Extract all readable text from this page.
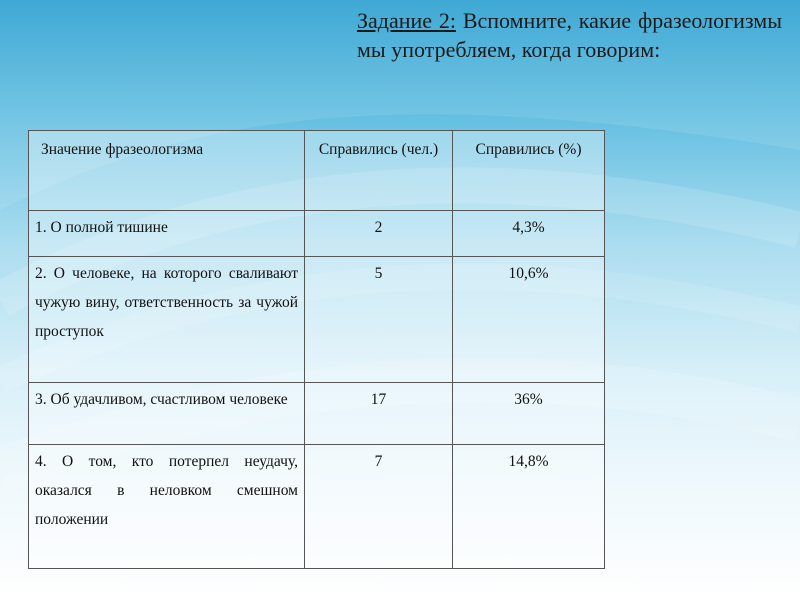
Задание 2: Вспомните, какие фразеологизмы мы употребляем, когда говорим:
Значение фразеологизма	Справились (чел.)	Справились (%)
1. О полной тишине	2	4,3%
2. О человеке, на которого сваливают чужую вину, ответственность за чужой проступок	5	10,6%
3. Об удачливом, счастливом человеке	17	36%
4. О том, кто потерпел неудачу, оказался в неловком смешном положении	7	14,8%
